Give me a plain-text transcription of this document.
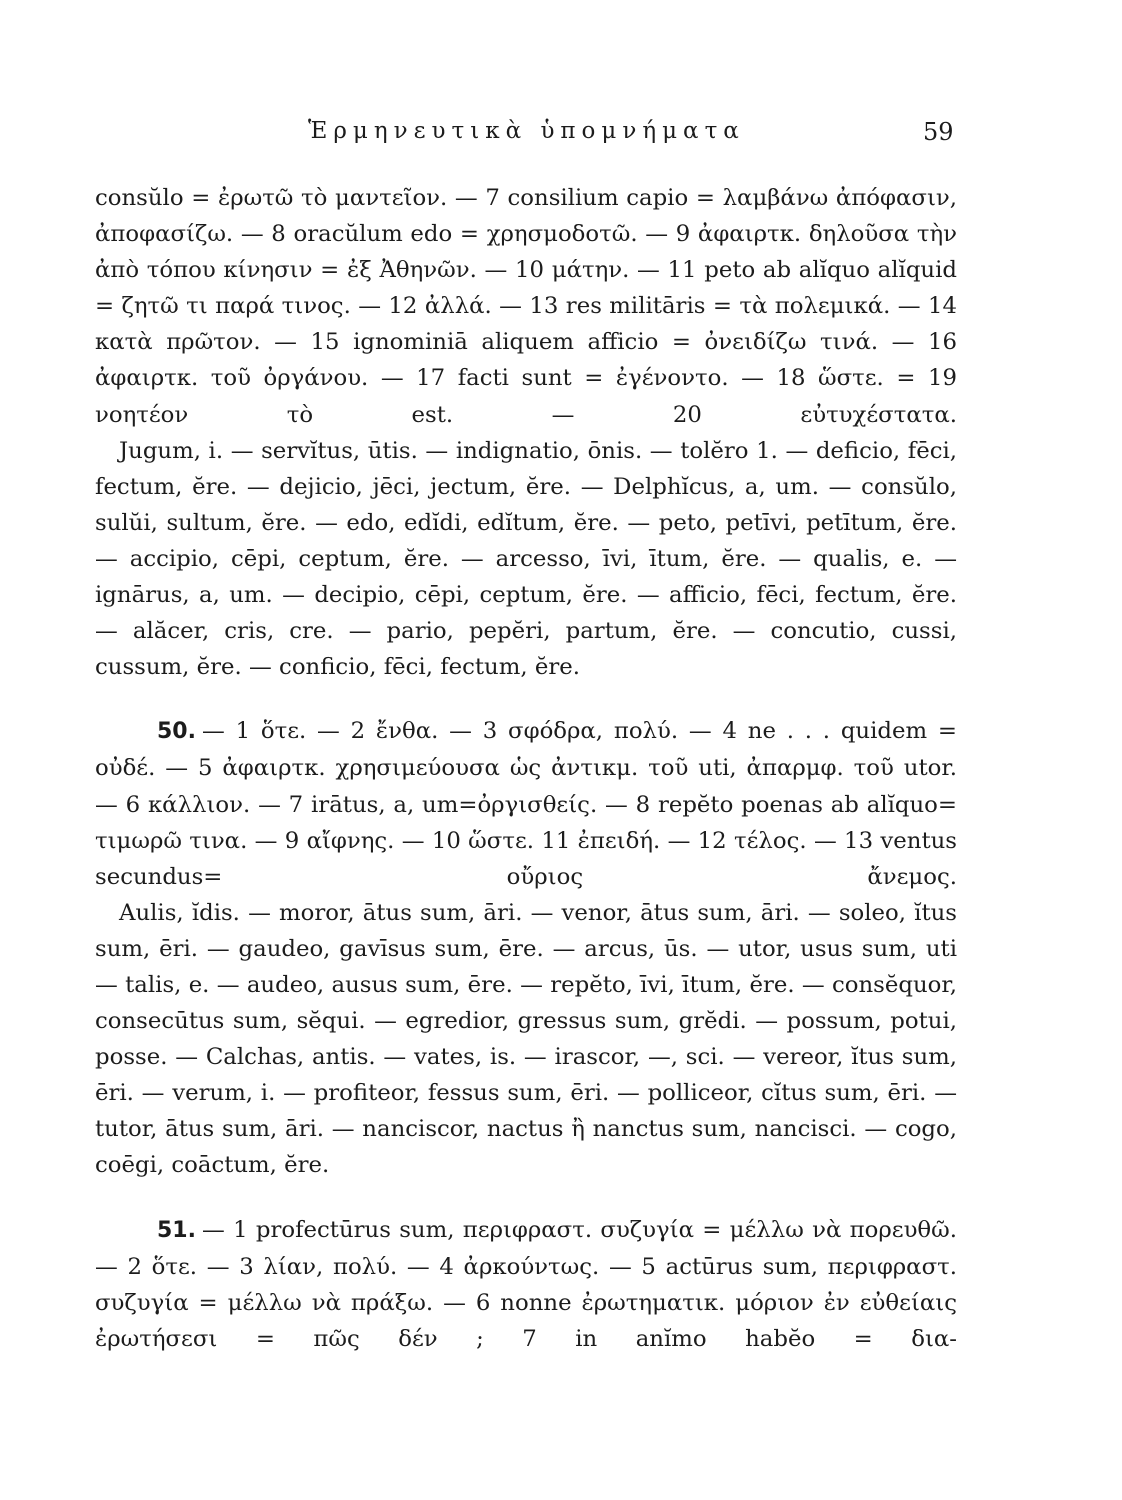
Ἑρμηνευτικὰ ὑπομνήματα	59

consŭlo = ἐρωτῶ τὸ μαντεῖον. — 7 consilium capio = λαμβάνω ἀπόφασιν, ἀποφασίζω. — 8 oracŭlum edo = χρησμοδοτῶ. — 9 ἀφαιρτκ. δηλοῦσα τὴν ἀπὸ τόπου κίνησιν = ἐξ Ἀθηνῶν. — 10 μάτην. — 11 peto ab alĭquo alĭquid = ζητῶ τι παρά τινος. — 12 ἀλλά. — 13 res militāris = τὰ πολεμικά. — 14 κατὰ πρῶτον. — 15 ignominiā aliquem afficio = ὀνειδίζω τινά. — 16 ἀφαιρτκ. τοῦ ὀργάνου. — 17 facti sunt = ἐγένοντο. — 18 ὥστε. = 19 νοητέον τὸ est. — 20 εὐτυχέστατα.

Jugum, i. — servĭtus, ūtis. — indignatio, ōnis. — tolĕro 1. — deficio, fēci, fectum, ĕre. — dejicio, jēci, jectum, ĕre. — Delphĭcus, a, um. — consŭlo, sulŭi, sultum, ĕre. — edo, edĭdi, edĭtum, ĕre. — peto, petīvi, petītum, ĕre. — accipio, cēpi, ceptum, ĕre. — arcesso, īvi, ītum, ĕre. — qualis, e. — ignārus, a, um. — decipio, cēpi, ceptum, ĕre. — afficio, fēci, fectum, ĕre. — alăcer, cris, cre. — pario, pepĕri, partum, ĕre. — concutio, cussi, cussum, ĕre. — conficio, fēci, fectum, ĕre.

50. — 1 ὅτε. — 2 ἔνθα. — 3 σφόδρα, πολύ. — 4 ne . . . quidem = οὐδέ. — 5 ἀφαιρτκ. χρησιμεύουσα ὡς ἀντικμ. τοῦ uti, ἀπαρμφ. τοῦ utor. — 6 κάλλιον. — 7 irātus, a, um=ὀργισθείς. — 8 repĕto poenas ab alĭquo= τιμωρῶ τινα. — 9 αἴφνης. — 10 ὥστε. 11 ἐπειδή. — 12 τέλος. — 13 ventus secundus= οὔριος ἄνεμος.

Aulis, ĭdis. — moror, ātus sum, āri. — venor, ātus sum, āri. — soleo, ĭtus sum, ēri. — gaudeo, gavīsus sum, ēre. — arcus, ūs. — utor, usus sum, uti — talis, e. — audeo, ausus sum, ēre. — repĕto, īvi, ītum, ĕre. — consĕquor, consecūtus sum, sĕqui. — egredior, gressus sum, grĕdi. — possum, potui, posse. — Calchas, antis. — vates, is. — irascor, —, sci. — vereor, ĭtus sum, ēri. — verum, i. — profiteor, fessus sum, ēri. — polliceor, cĭtus sum, ēri. — tutor, ātus sum, āri. — nanciscor, nactus ἢ nanctus sum, nancisci. — cogo, coēgi, coāctum, ĕre.

51. — 1 profectūrus sum, περιφραστ. συζυγία = μέλλω νὰ πορευθῶ. — 2 ὅτε. — 3 λίαν, πολύ. — 4 ἀρκούντως. — 5 actūrus sum, περιφραστ. συζυγία = μέλλω νὰ πράξω. — 6 nonne ἐρωτηματικ. μόριον ἐν εὐθείαις ἐρωτήσεσι = πῶς δέν ; 7 in anĭmo habĕo = δια-
